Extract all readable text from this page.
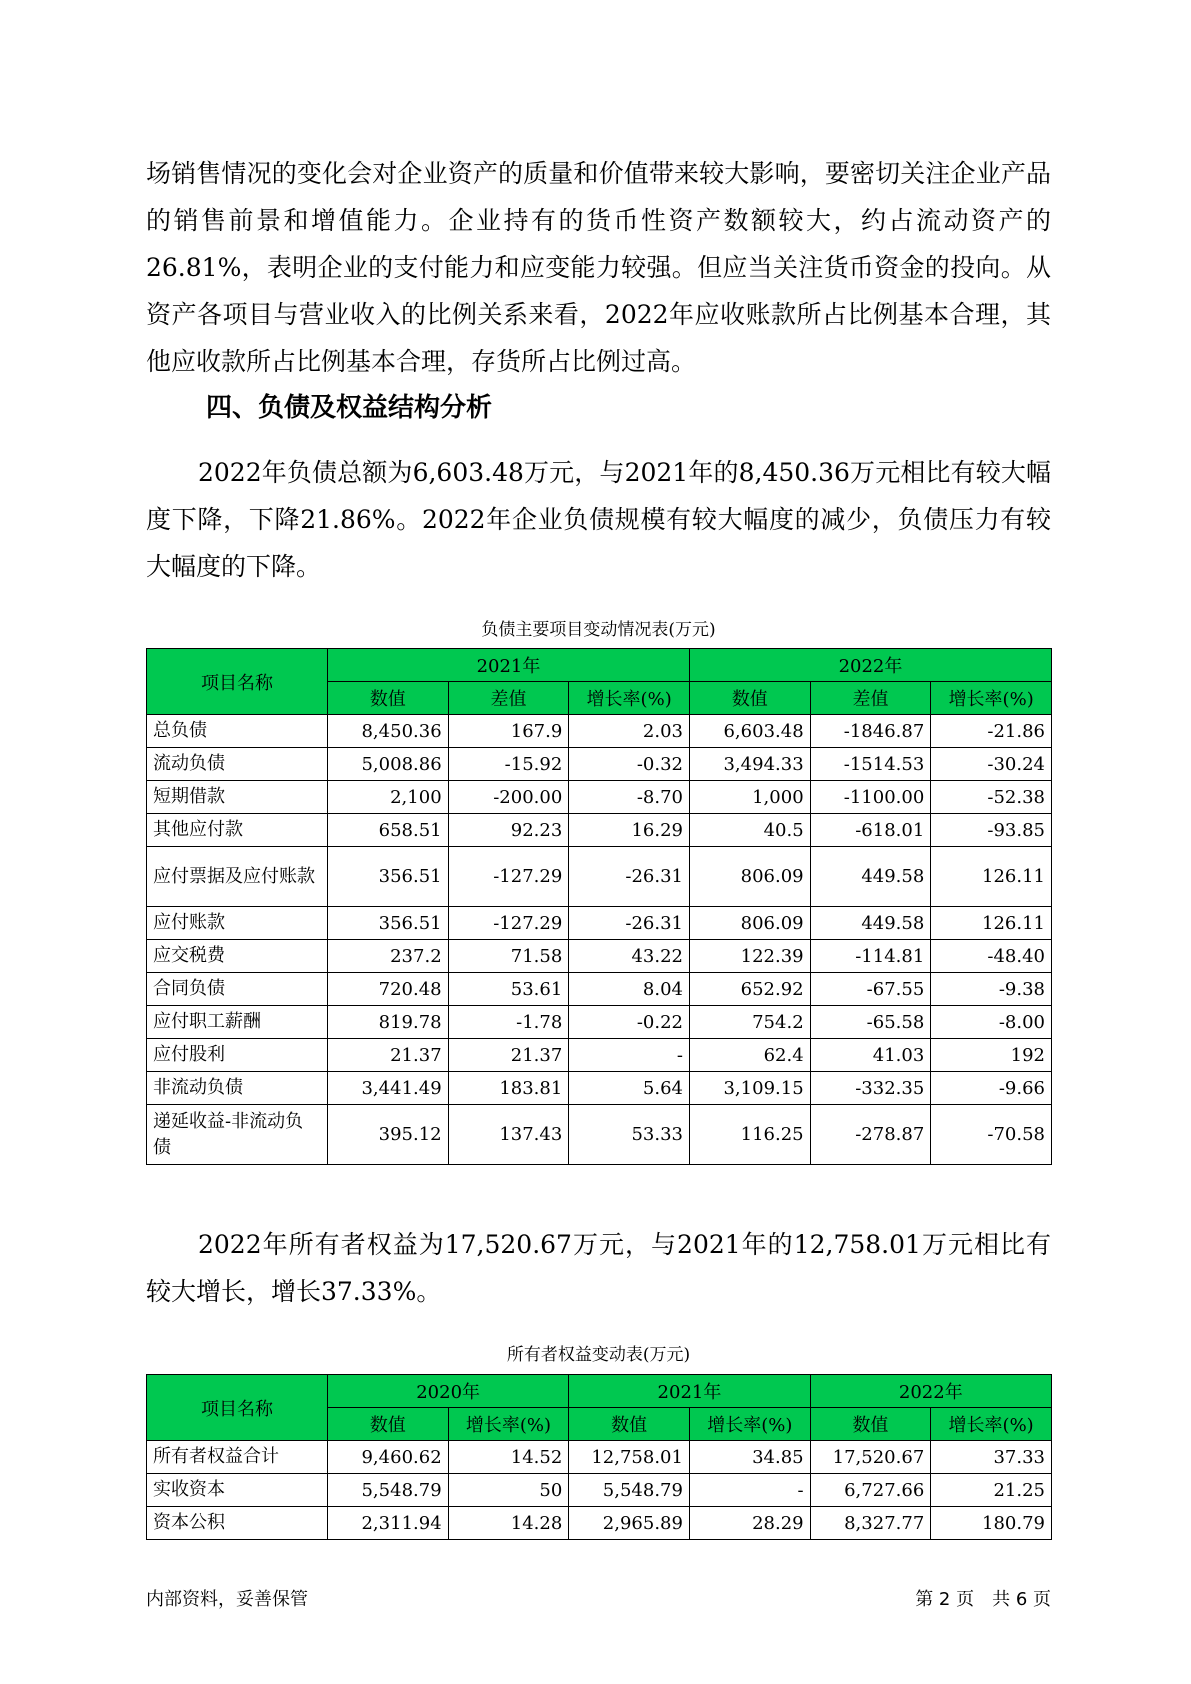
场销售情况的变化会对企业资产的质量和价值带来较大影响，要密切关注企业产品的销售前景和增值能力。企业持有的货币性资产数额较大，约占流动资产的26.81%，表明企业的支付能力和应变能力较强。但应当关注货币资金的投向。从资产各项目与营业收入的比例关系来看，2022年应收账款所占比例基本合理，其他应收款所占比例基本合理，存货所占比例过高。

四、负债及权益结构分析

2022年负债总额为6,603.48万元，与2021年的8,450.36万元相比有较大幅度下降，下降21.86%。2022年企业负债规模有较大幅度的减少，负债压力有较大幅度的下降。

负债主要项目变动情况表(万元)

项目名称	2021年			2022年		
	数值	差值	增长率(%)	数值	差值	增长率(%)
总负债	8,450.36	167.9	2.03	6,603.48	-1846.87	-21.86
流动负债	5,008.86	-15.92	-0.32	3,494.33	-1514.53	-30.24
短期借款	2,100	-200.00	-8.70	1,000	-1100.00	-52.38
其他应付款	658.51	92.23	16.29	40.5	-618.01	-93.85
应付票据及应付账款	356.51	-127.29	-26.31	806.09	449.58	126.11
应付账款	356.51	-127.29	-26.31	806.09	449.58	126.11
应交税费	237.2	71.58	43.22	122.39	-114.81	-48.40
合同负债	720.48	53.61	8.04	652.92	-67.55	-9.38
应付职工薪酬	819.78	-1.78	-0.22	754.2	-65.58	-8.00
应付股利	21.37	21.37	-	62.4	41.03	192
非流动负债	3,441.49	183.81	5.64	3,109.15	-332.35	-9.66
递延收益-非流动负债	395.12	137.43	53.33	116.25	-278.87	-70.58

2022年所有者权益为17,520.67万元，与2021年的12,758.01万元相比有较大增长，增长37.33%。

所有者权益变动表(万元)

项目名称	2020年		2021年		2022年	
	数值	增长率(%)	数值	增长率(%)	数值	增长率(%)
所有者权益合计	9,460.62	14.52	12,758.01	34.85	17,520.67	37.33
实收资本	5,548.79	50	5,548.79	-	6,727.66	21.25
资本公积	2,311.94	14.28	2,965.89	28.29	8,327.77	180.79
内部资料，妥善保管	第 2 页　共 6 页
